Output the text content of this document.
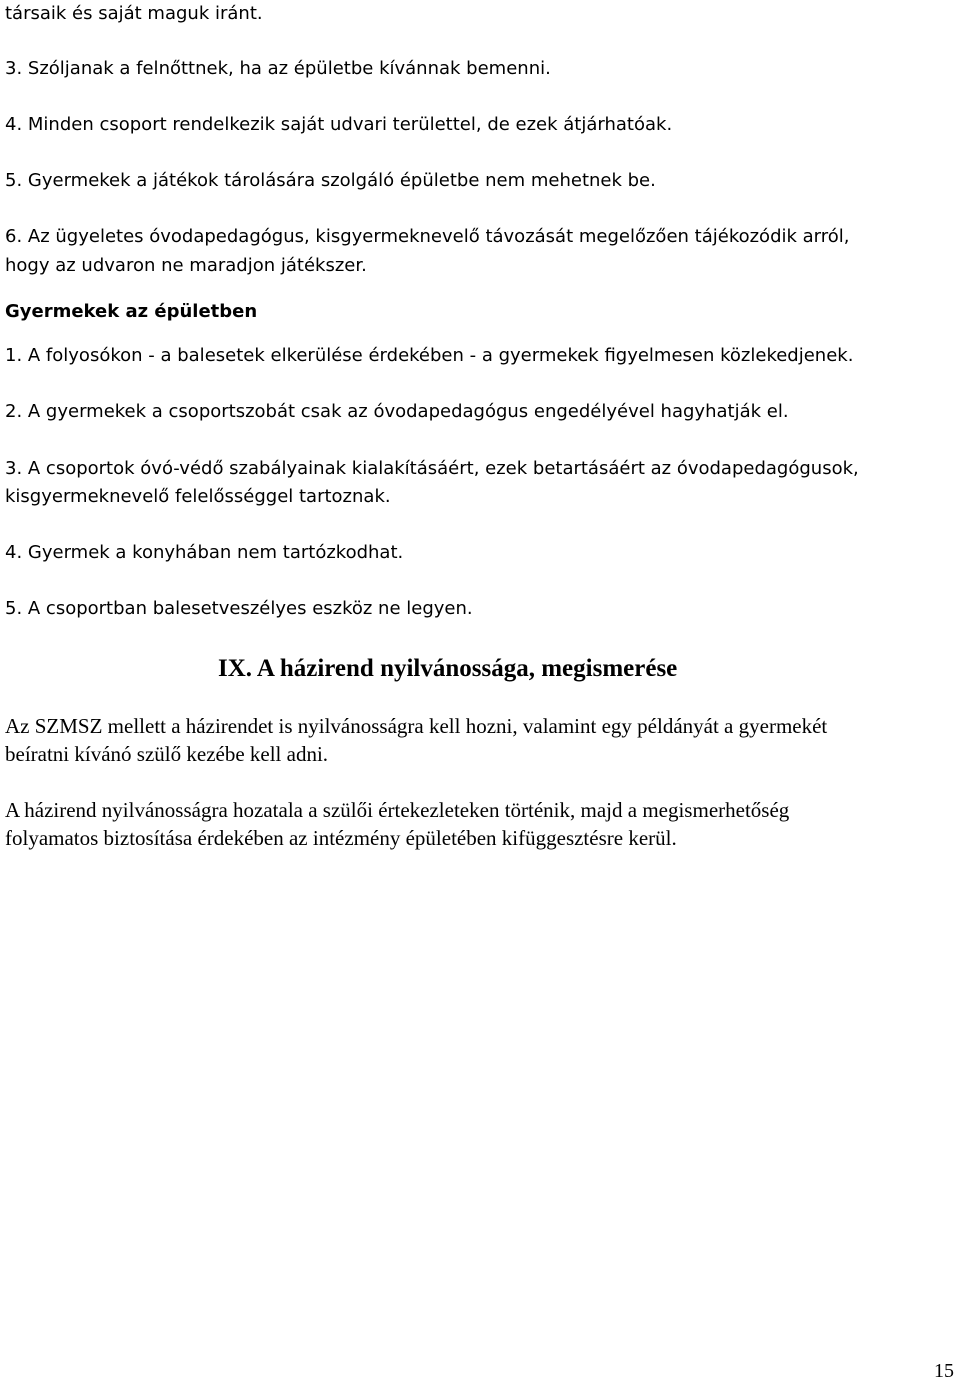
társaik és saját maguk iránt.
3. Szóljanak a felnőttnek, ha az épületbe kívánnak bemenni.
4. Minden csoport rendelkezik saját udvari területtel, de ezek átjárhatóak.
5. Gyermekek a játékok tárolására szolgáló épületbe nem mehetnek be.
6. Az ügyeletes óvodapedagógus, kisgyermeknevelő távozását megelőzően tájékozódik arról,
hogy az udvaron ne maradjon játékszer.
Gyermekek az épületben
1. A folyosókon - a balesetek elkerülése érdekében - a gyermekek figyelmesen közlekedjenek.
2. A gyermekek a csoportszobát csak az óvodapedagógus engedélyével hagyhatják el.
3. A csoportok óvó-védő szabályainak kialakításáért, ezek betartásáért az óvodapedagógusok,
kisgyermeknevelő felelősséggel tartoznak.
4. Gyermek a konyhában nem tartózkodhat.
5. A csoportban balesetveszélyes eszköz ne legyen.
IX. A házirend nyilvánossága, megismerése
Az SZMSZ mellett a házirendet is nyilvánosságra kell hozni, valamint egy példányát a gyermekét
beíratni kívánó szülő kezébe kell adni.
A házirend nyilvánosságra hozatala a szülői értekezleteken történik, majd a megismerhetőség
folyamatos biztosítása érdekében az intézmény épületében kifüggesztésre kerül.
15
